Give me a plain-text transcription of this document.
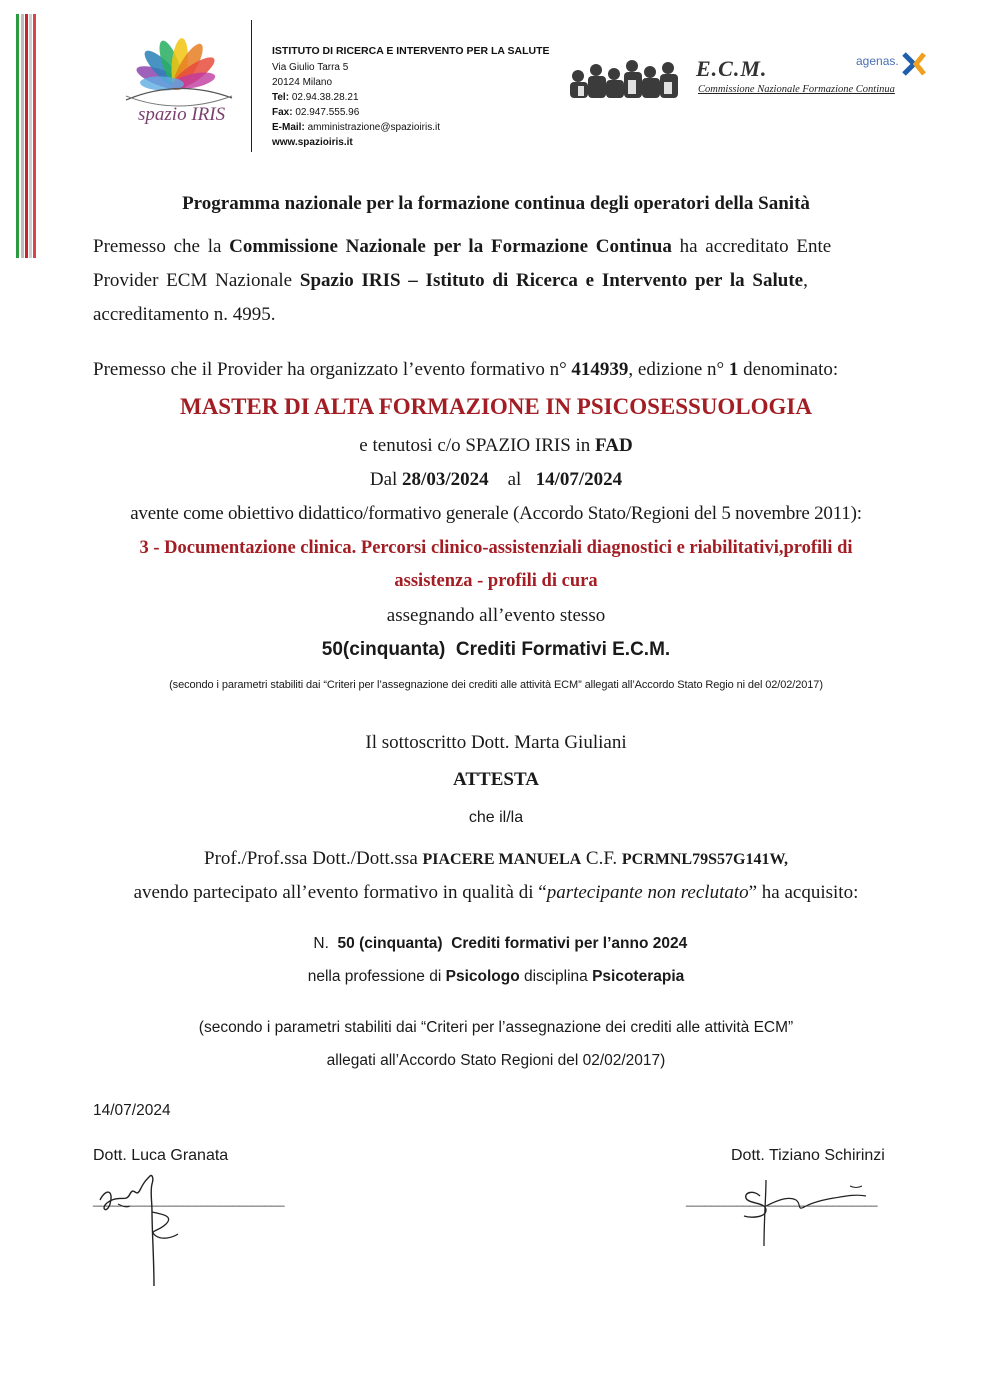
spazio IRIS
ISTITUTO DI RICERCA E INTERVENTO PER LA SALUTE
Via Giulio Tarra 5
20124 Milano
Tel: 02.94.38.28.21
Fax: 02.947.555.96
E-Mail: amministrazione@spazioiris.it
www.spazioiris.it
E.C.M.
Commissione Nazionale Formazione Continua
agenas.
Programma nazionale per la formazione continua degli operatori della Sanità
Premesso che la Commissione Nazionale per la Formazione Continua ha accreditato Ente
Provider ECM Nazionale Spazio IRIS – Istituto di Ricerca e Intervento per la Salute,
accreditamento n. 4995.
Premesso che il Provider ha organizzato l’evento formativo n° 414939, edizione n° 1 denominato:
MASTER DI ALTA FORMAZIONE IN PSICOSESSUOLOGIA
e tenutosi c/o SPAZIO IRIS in FAD
Dal 28/03/2024 al   14/07/2024
avente come obiettivo didattico/formativo generale (Accordo Stato/Regioni del 5 novembre 2011):
3 - Documentazione clinica. Percorsi clinico-assistenziali diagnostici e riabilitativi,profili di
assistenza - profili di cura
assegnando all’evento stesso
50(cinquanta)  Crediti Formativi E.C.M.
(secondo i parametri stabiliti dai “Criteri per l’assegnazione dei crediti alle attività ECM” allegati all’Accordo Stato Regio ni del 02/02/2017)
Il sottoscritto Dott. Marta Giuliani
ATTESTA
che il/la
Prof./Prof.ssa Dott./Dott.ssa PIACERE MANUELA C.F. PCRMNL79S57G141W,
avendo partecipato all’evento formativo in qualità di “partecipante non reclutato” ha acquisito:

N.  50 (cinquanta)  Crediti formativi per l’anno 2024

nella professione di Psicologo disciplina Psicoterapia
(secondo i parametri stabiliti dai “Criteri per l’assegnazione dei crediti alle attività ECM”
allegati all’Accordo Stato Regioni del 02/02/2017)
14/07/2024
Dott. Luca Granata	Dott. Tiziano Schirinzi
______________________________	______________________________
